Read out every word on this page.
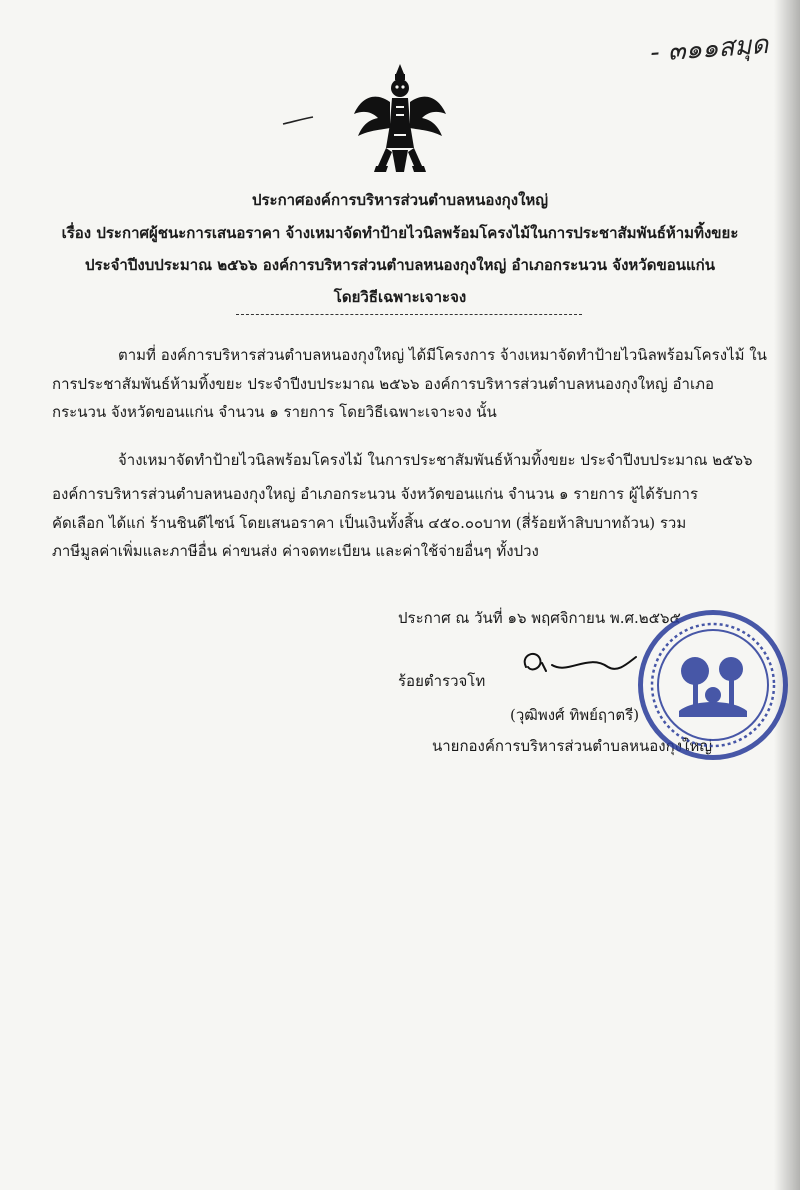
- ๓๑๑สมุด
ประกาศองค์การบริหารส่วนตำบลหนองกุงใหญ่
เรื่อง ประกาศผู้ชนะการเสนอราคา จ้างเหมาจัดทำป้ายไวนิลพร้อมโครงไม้ในการประชาสัมพันธ์ห้ามทิ้งขยะ
ประจำปีงบประมาณ ๒๕๖๖ องค์การบริหารส่วนตำบลหนองกุงใหญ่ อำเภอกระนวน จังหวัดขอนแก่น
โดยวิธีเฉพาะเจาะจง
ตามที่ องค์การบริหารส่วนตำบลหนองกุงใหญ่ ได้มีโครงการ จ้างเหมาจัดทำป้ายไวนิลพร้อมโครงไม้ ใน
การประชาสัมพันธ์ห้ามทิ้งขยะ ประจำปีงบประมาณ ๒๕๖๖ องค์การบริหารส่วนตำบลหนองกุงใหญ่ อำเภอ
กระนวน จังหวัดขอนแก่น จำนวน ๑ รายการ โดยวิธีเฉพาะเจาะจง นั้น
จ้างเหมาจัดทำป้ายไวนิลพร้อมโครงไม้ ในการประชาสัมพันธ์ห้ามทิ้งขยะ ประจำปีงบประมาณ ๒๕๖๖
องค์การบริหารส่วนตำบลหนองกุงใหญ่ อำเภอกระนวน จังหวัดขอนแก่น จำนวน ๑ รายการ ผู้ได้รับการ
คัดเลือก ได้แก่ ร้านชินดีไซน์ โดยเสนอราคา เป็นเงินทั้งสิ้น ๔๕๐.๐๐บาท (สี่ร้อยห้าสิบบาทถ้วน) รวม
ภาษีมูลค่าเพิ่มและภาษีอื่น ค่าขนส่ง ค่าจดทะเบียน และค่าใช้จ่ายอื่นๆ ทั้งปวง
ประกาศ ณ วันที่ ๑๖ พฤศจิกายน พ.ศ.๒๕๖๕
ร้อยตำรวจโท
(วุฒิพงศ์ ทิพย์ฤาตรี)
นายกองค์การบริหารส่วนตำบลหนองกุงใหญ่
